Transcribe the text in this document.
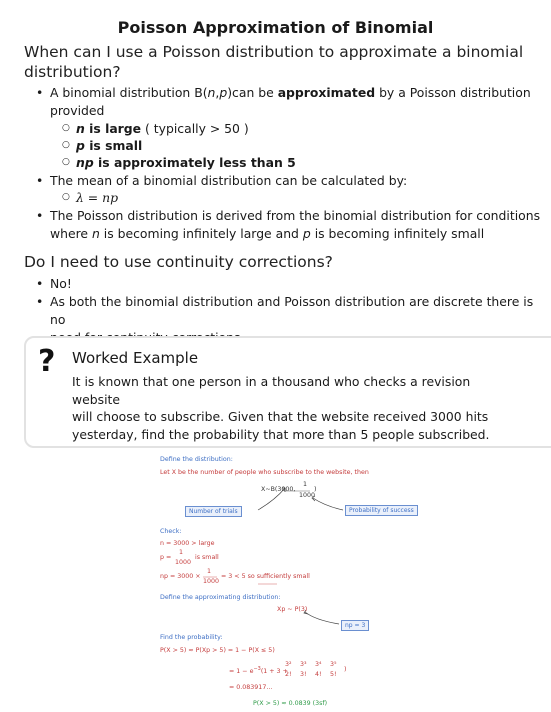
Poisson Approximation of Binomial
When can I use a Poisson distribution to approximate a binomial
distribution?
• A binomial distribution B(n,p)can be approximated by a Poisson distribution
provided
○ n is large ( typically > 50 )
○ p is small
○ np is approximately less than 5
• The mean of a binomial distribution can be calculated by:
○ λ = np
• The Poisson distribution is derived from the binomial distribution for conditions
where n is becoming infinitely large and p is becoming infinitely small
Do I need to use continuity corrections?
• No!
• As both the binomial distribution and Poisson distribution are discrete there is no
? Worked Example
It is known that one person in a thousand who checks a revision website
will choose to subscribe. Given that the website received 3000 hits
yesterday, find the probability that more than 5 people subscribed.
Define the distribution:
Let X be the number of people who subscribe to the website, then
X~B(3000,
1
1000
)
Number of trials	Probability of success
Check:
n = 3000 > large
p =
1
1000
is small
np = 3000 ×
1
1000
= 3 < 5 so sufficiently small
Define the approximating distribution:
Xp ~ P(3)
np = 3
Find the probability:
P(X > 5) ≈ P(Xp > 5) = 1 − P(X ≤ 5)
= $1 - e^{-3}(1 + 3$ +
3²
2!
3³
3!
3⁴
4!
3⁵
5!
)
= 0.083917...
P(X > 5) ≈ 0.0839 (3sf)
